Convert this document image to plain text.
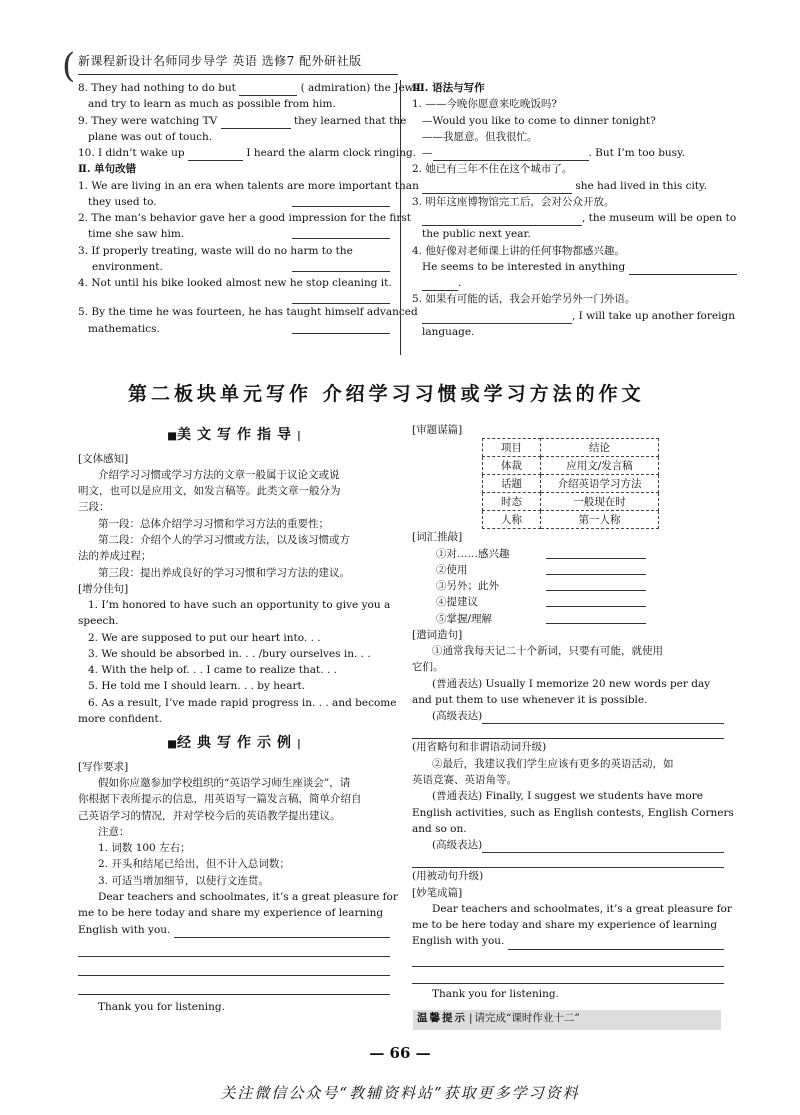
( 新课程新设计名师同步导学 英语 选修7 配外研社版
8. They had nothing to do but	( admiration) the Jews
and try to learn as much as possible from him.
9. They were watching TV	they learned that the
plane was out of touch.
10. I didn’t wake up	I heard the alarm clock ringing.
Ⅱ. 单句改错
1. We are living in an era when talents are more important than
they used to.
2. The man’s behavior gave her a good impression for the first
time she saw him.
3. If properly treating, waste will do no harm to the
environment.
4. Not until his bike looked almost new he stop cleaning it.
5. By the time he was fourteen, he has taught himself advanced
mathematics.
Ⅲ. 语法与写作
1. ——今晚你愿意来吃晚饭吗?
—Would you like to come to dinner tonight?
——我愿意。但我很忙。
—	. But I’m too busy.
2. 她已有三年不住在这个城市了。
she had lived in this city.
3. 明年这座博物馆完工后，会对公众开放。
, the museum will be open to
the public next year.
4. 他好像对老师课上讲的任何事物都感兴趣。
He seems to be interested in anything
.
5. 如果有可能的话，我会开始学另外一门外语。
, I will take up another foreign
language.
第二板块单元写作 介绍学习习惯或学习方法的作文
■美文写作指导|
[ 文体感知 ]
介绍学习习惯或学习方法的文章一般属于议论文或说
明文，也可以是应用文，如发言稿等。此类文章一般分为
三段：
第一段：总体介绍学习习惯和学习方法的重要性；
第二段：介绍个人的学习习惯或方法，以及该习惯或方
法的养成过程；
第三段：提出养成良好的学习习惯和学习方法的建议。
[ 增分佳句 ]
1. I’m honored to have such an opportunity to give you a
speech.
2. We are supposed to put our heart into. . .
3. We should be absorbed in. . . /bury ourselves in. . .
4. With the help of. . . I came to realize that. . .
5. He told me I should learn. . . by heart.
6. As a result, I’ve made rapid progress in. . . and become
more confident.
■经典写作示例|
[ 写作要求 ]
假如你应邀参加学校组织的“英语学习师生座谈会”，请
你根据下表所提示的信息，用英语写一篇发言稿，简单介绍自
己英语学习的情况，并对学校今后的英语教学提出建议。
注意：
1. 词数 100 左右；
2. 开头和结尾已给出，但不计入总词数；
3. 可适当增加细节，以使行文连贯。
Dear teachers and schoolmates, it’s a great pleasure for
me to be here today and share my experience of learning
English with you.
Thank you for listening.
[ 审题谋篇 ]
项目	结论
体裁	应用文/发言稿
话题	介绍英语学习方法
时态	一般现在时
人称	第一人称
[ 词汇推敲 ]
①对……感兴趣
②使用
③另外；此外
④提建议
⑤掌握/理解
[ 遣词造句 ]
①通常我每天记二十个新词，只要有可能，就使用
它们。
(普通表达) Usually I memorize 20 new words per day
and put them to use whenever it is possible.
(高级表达)
(用省略句和非谓语动词升级)
②最后，我建议我们学生应该有更多的英语活动，如
英语竞赛、英语角等。
(普通表达) Finally, I suggest we students have more
English activities, such as English contests, English Corners
and so on.
(高级表达)
(用被动句升级)
[ 妙笔成篇 ]
Dear teachers and schoolmates, it’s a great pleasure for
me to be here today and share my experience of learning
English with you.
Thank you for listening.
温馨提示 | 请完成“课时作业十二”
— 66 —
关注微信公众号“教辅资料站”获取更多学习资料
